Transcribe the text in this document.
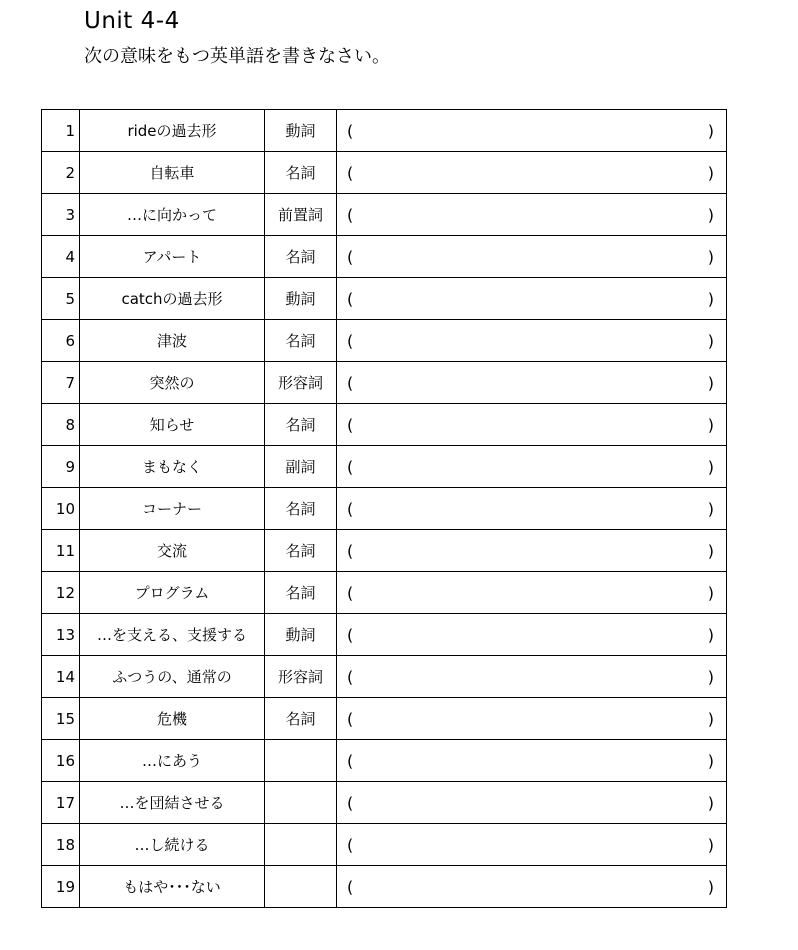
Unit 4-4
次の意味をもつ英単語を書きなさい。
1	rideの過去形	動詞	( )

2	自転車	名詞	( )

3	…に向かって	前置詞	( )

4	アパート	名詞	( )

5	catchの過去形	動詞	( )

6	津波	名詞	( )

7	突然の	形容詞	( )

8	知らせ	名詞	( )

9	まもなく	副詞	( )

10	コーナー	名詞	( )

11	交流	名詞	( )

12	プログラム	名詞	( )

13	…を支える、支援する	動詞	( )

14	ふつうの、通常の	形容詞	( )

15	危機	名詞	( )

16	…にあう		( )

17	…を団結させる		( )

18	…し続ける		( )

19	もはや･･･ない		( )
